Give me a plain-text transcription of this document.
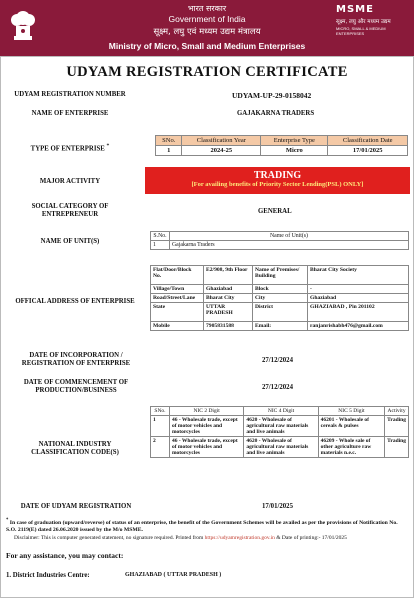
भारत सरकार
Government of India
सूक्ष्म, लघु एवं मध्यम उद्यम मंत्रालय
Ministry of Micro, Small and Medium Enterprises
MSME
सूक्ष्म, लघु और मध्यम उद्यम
MICRO, SMALL & MEDIUM ENTERPRISES
UDYAM REGISTRATION CERTIFICATE
UDYAM REGISTRATION NUMBER	UDYAM-UP-29-0158042
NAME OF ENTERPRISE	GAJAKARNA TRADERS
TYPE OF ENTERPRISE *
SNo.	Classification Year	Enterprise Type	Classification Date
1	2024-25	Micro	17/01/2025
MAJOR ACTIVITY
TRADING
[For availing benefits of Priority Sector Lending(PSL) ONLY]
SOCIAL CATEGORY OF ENTREPRENEUR	GENERAL
NAME OF UNIT(S)
S.No.	Name of Unit(s)
1	Gajakarna Traders
OFFICAL ADDRESS OF ENTERPRISE
Flat/Door/Block No.	E2/908, 9th Floor	Name of Premises/ Building	Bharat City Society
Village/Town	Ghaziabad	Block	-
Road/Street/Lane	Bharat City	City	Ghaziabad
State	UTTAR PRADESH	District	GHAZIABAD , Pin 201102
Mobile	7905831588	Email:	ranjanrishabh476@gmail.com
DATE OF INCORPORATION / REGISTRATION OF ENTERPRISE	27/12/2024
DATE OF COMMENCEMENT OF PRODUCTION/BUSINESS	27/12/2024
NATIONAL INDUSTRY CLASSIFICATION CODE(S)
SNo.	NIC 2 Digit	NIC 4 Digit	NIC 5 Digit	Activity
1	46 - Wholesale trade, except of motor vehicles and motorcycles	4620 - Wholesale of agricultural raw materials and live animals	46201 - Wholesale of cereals & pulses	Trading
2	46 - Wholesale trade, except of motor vehicles and motorcycles	4620 - Wholesale of agricultural raw materials and live animals	46209 - Whole sale of other agriculture raw materials n.e.c.	Trading
DATE OF UDYAM REGISTRATION	17/01/2025
* In case of graduation (upward/reverse) of status of an enterprise, the benefit of the Government Schemes will be availed as per the provisions of Notification No. S.O. 2119(E) dated 26.06.2020 issued by the M/o MSME.
Disclaimer: This is computer generated statement, no signature required. Printed from https://udyamregistration.gov.in & Date of printing:- 17/01/2025
For any assistance, you may contact:
1. District Industries Centre:	GHAZIABAD ( UTTAR PRADESH )
